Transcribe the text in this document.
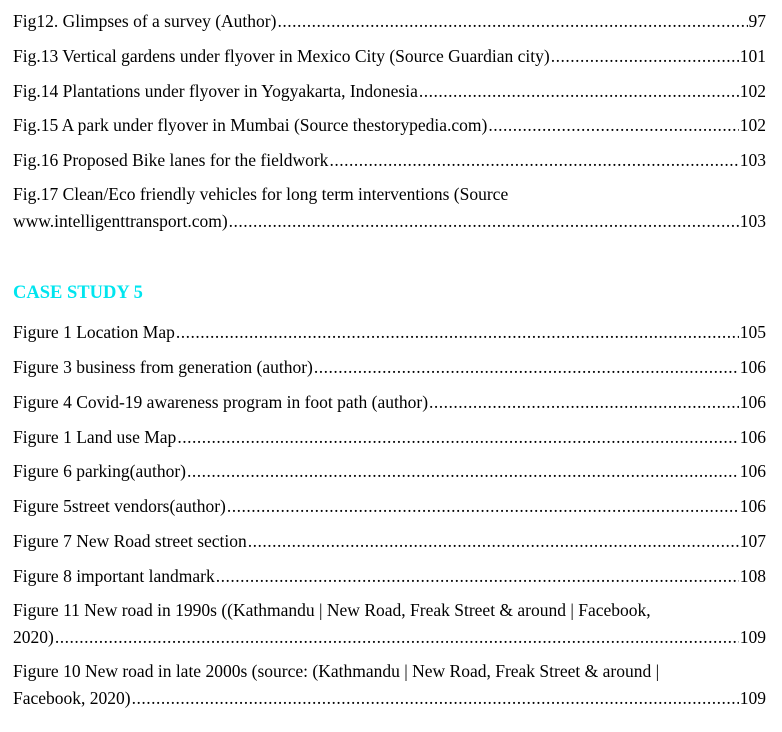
Fig12. Glimpses of a survey (Author) .....	97
Fig.13 Vertical gardens under flyover in Mexico City (Source Guardian city) .....	101
Fig.14 Plantations under flyover in Yogyakarta, Indonesia .....	102
Fig.15 A park under flyover in Mumbai (Source thestorypedia.com) .....	102
Fig.16 Proposed Bike lanes for the fieldwork .....	103
Fig.17 Clean/Eco friendly vehicles for long term interventions (Source
www.intelligenttransport.com) .....	103
CASE STUDY 5
Figure 1 Location Map .....	105
Figure 3 business from generation (author) .....	106
Figure 4 Covid-19 awareness program in foot path (author) .....	106
Figure 1 Land use Map .....	106
Figure 6 parking(author) .....	106
Figure 5street vendors(author) .....	106
Figure 7 New Road street section .....	107
Figure 8 important landmark .....	108
Figure 11 New road in 1990s ((Kathmandu | New Road, Freak Street & around | Facebook,
2020) .....	109
Figure 10 New road in late 2000s (source: (Kathmandu | New Road, Freak Street & around |
Facebook, 2020) .....	109
